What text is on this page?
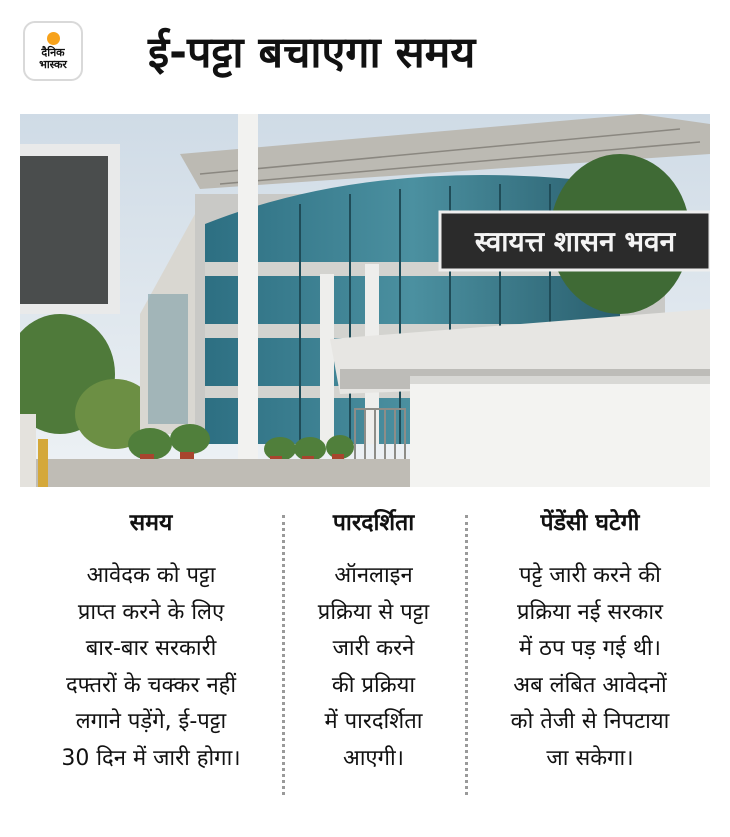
दैनिक
भास्कर ई-पट्टा बचाएगा समय
स्वायत्त शासन भवन
समय
आवेदक को पट्टा
प्राप्त करने के लिए
बार-बार सरकारी
दफ्तरों के चक्कर नहीं
लगाने पड़ेंगे, ई-पट्टा
30 दिन में जारी होगा।
पारदर्शिता
ऑनलाइन
प्रक्रिया से पट्टा
जारी करने
की प्रक्रिया
में पारदर्शिता
आएगी।
पेंडेंसी घटेगी
पट्टे जारी करने की
प्रक्रिया नई सरकार
में ठप पड़ गई थी।
अब लंबित आवेदनों
को तेजी से निपटाया
जा सकेगा।
